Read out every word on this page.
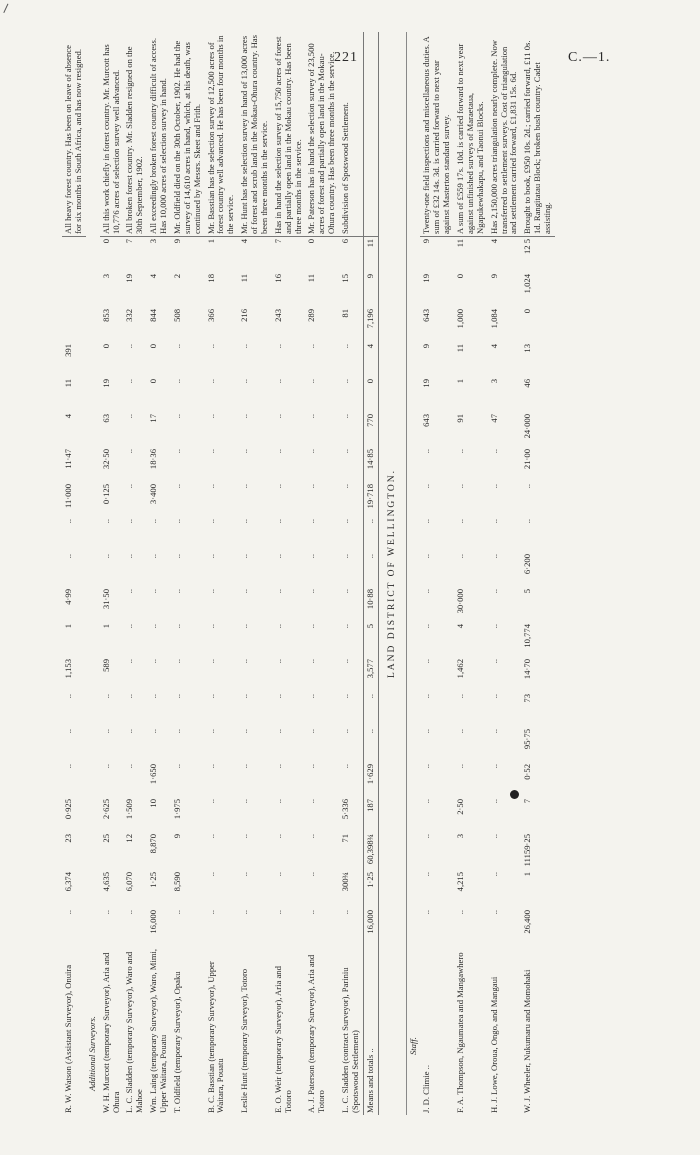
221	C.—1.
R. W. Watson (Assistant Surveyor), Onuira	..	6,374	23	0·925	..	..	..	1,153	1	4·99	..	..	11·000	11·47	4	11	391				All heavy forest country. Has been on leave of absence for six months in South Africa, and has now resigned.
Additional Surveyors.																					
W. H. Murcott (temporary Surveyor), Aria and Ohura	..	4,635	25	2·625	..	..	..	589	1	31·50	..	..	0·125	32·50	63	19	0	853	3	0	All this work chiefly in forest country. Mr. Murcott has 10,776 acres of selection survey well advanced.
L. C. Sladden (temporary Surveyor), Waro and Mahoe	..	6,070	12	1·509	..	..	..	..	..	..	..	..	..	..	..	..	..	332	19	7	All broken forest country. Mr. Sladden resigned on the 30th September, 1902.
Wm. Laing (temporary Surveyor), Waro, Mimi, Upper Waitara, Pouatu	16,000	1·25	8,870	10	1·650	..	..	..	..	..	..	..	3·400	18·36	17	0	0	844	4	3	All exceedingly broken forest country difficult of access. Has 10,000 acres of selection survey in hand.
T. Oldfield (temporary Surveyor), Opaku	..	8,590	9	1·975	..	..	..	..	..	..	..	..	..	..	..	..	..	508	2	9	Mr. Oldfield died on the 30th October, 1902. He had the survey of 14,610 acres in hand, which, at his death, was continued by Messrs. Skeet and Frith.
B. C. Basstian (temporary Surveyor), Upper Waitara, Pouatu	..	..	..	..	..	..	..	..	..	..	..	..	..	..	..	..	..	366	18	1	Mr. Basstian has the selection survey of 12,500 acres of forest country well advanced. He has been four months in the service.
Leslie Hunt (temporary Surveyor), Totoro	..	..	..	..	..	..	..	..	..	..	..	..	..	..	..	..	..	216	11	4	Mr. Hunt has the selection survey in hand of 13,000 acres of forest and scrub land in the Mokau-Ohura country. Has been three months in the service.
E. O. Weir (temporary Surveyor), Aria and Totoro	..	..	..	..	..	..	..	..	..	..	..	..	..	..	..	..	..	243	16	7	Has in hand the selection survey of 15,750 acres of forest and partially open land in the Mokau country. Has been three months in the service.
A. J. Paterson (temporary Surveyor), Aria and Totoro	..	..	..	..	..	..	..	..	..	..	..	..	..	..	..	..	..	289	11	0	Mr. Paterson has in hand the selection survey of 23,500 acres of forest and partially open land in the Mokau-Ohura country. Has been three months in the service.
L. C. Sladden (contract Surveyor), Pariniu (Spotswood Settlement)	..	300¾	71	5·336	..	..	..	..	..	..	..	..	..	..	..	..	..	81	15	6	Subdivision of Spotswood Settlement.
Means and totals ..	16,000	1·25	60,398¾	187	1·629	..	..	3,577	5	10·88	..	..	19·718	14·85	770	0	4	7,196	9	11	
LAND DISTRICT OF WELLINGTON.																					
Staff.																					
J. D. Climie ..	..	..	..	..	..	..	..	..	..	..	..	..	..	..	643	19	9	643	19	9	Twenty-one field inspections and miscellaneous duties. A sum of £32 14s. 3d. is carried forward to next year against Masterton standard survey.
F. A. Thompson, Ngaumatea and Mangawhero	..	4,215	3	2·50	..	..	..	1,462	4	30·000	..	..	..	..	91	1	11	1,000	0	11	A sum of £559 17s. 10d. is carried forward to next year against unfinished surveys of Maraetaua, Ngapukewhakapu, and Taonui Blocks.
H. J. Lowe, Oroua, Ongo, and Mangaui	..	..	..	..	..	..	..	..	..	..	..	..	..	..	47	3	4	1,084	9	4	Has 2,150,000 acres triangulation nearly complete. Now transferred to settlement surveys. Cost of triangulation and settlement carried forward, £1,831 15s. 6d.
W. J. Wheeler, Nukumaru and Momohaki	26,400	1	11159·25	7	0·52	95·75	73	14·70	10,774	5	6·200	..	..	21·00	24·000	46	13	0	1,024	12 5	Brought to book, £950 10s. 2d.; carried forward, £11 0s. 1d. Rangitatau Block; broken bush country. Cadet assisting.
